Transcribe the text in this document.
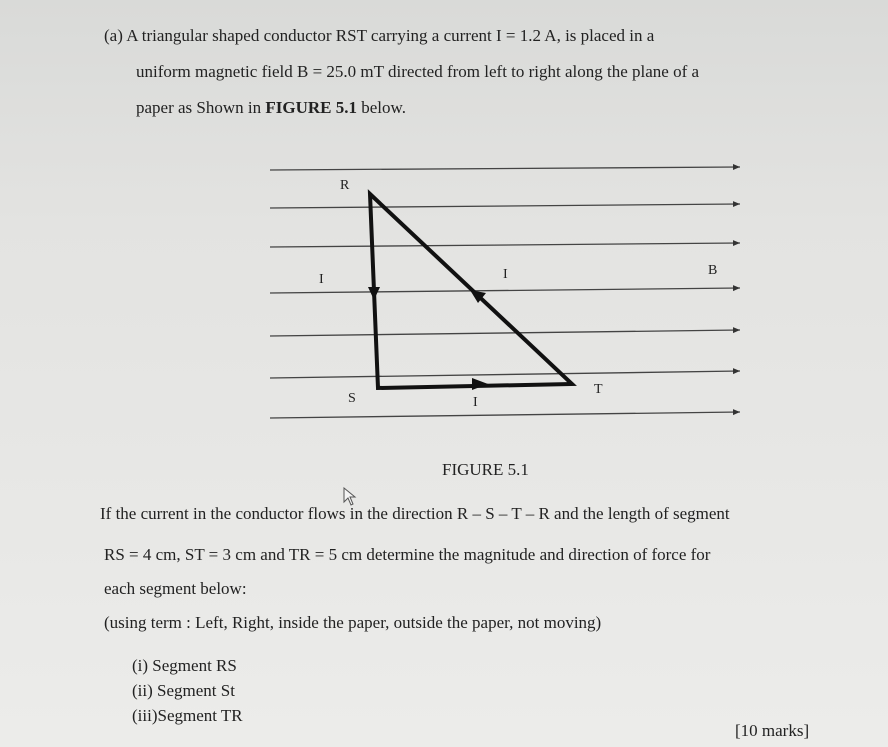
(a) A triangular shaped conductor RST carrying a current I = 1.2 A, is placed in a
uniform magnetic field B = 25.0 mT directed from left to right along the plane of a
paper as Shown in FIGURE 5.1 below.
R
S
T
B
I	I
I
FIGURE 5.1
If the current in the conductor flows in the direction R – S – T – R and the length of segment
RS = 4 cm, ST = 3 cm and TR = 5 cm determine the magnitude and direction of force for
each segment below:
(using term : Left, Right, inside the paper, outside the paper, not moving)
(i) Segment RS
(ii) Segment St
(iii)Segment TR
[10 marks]
